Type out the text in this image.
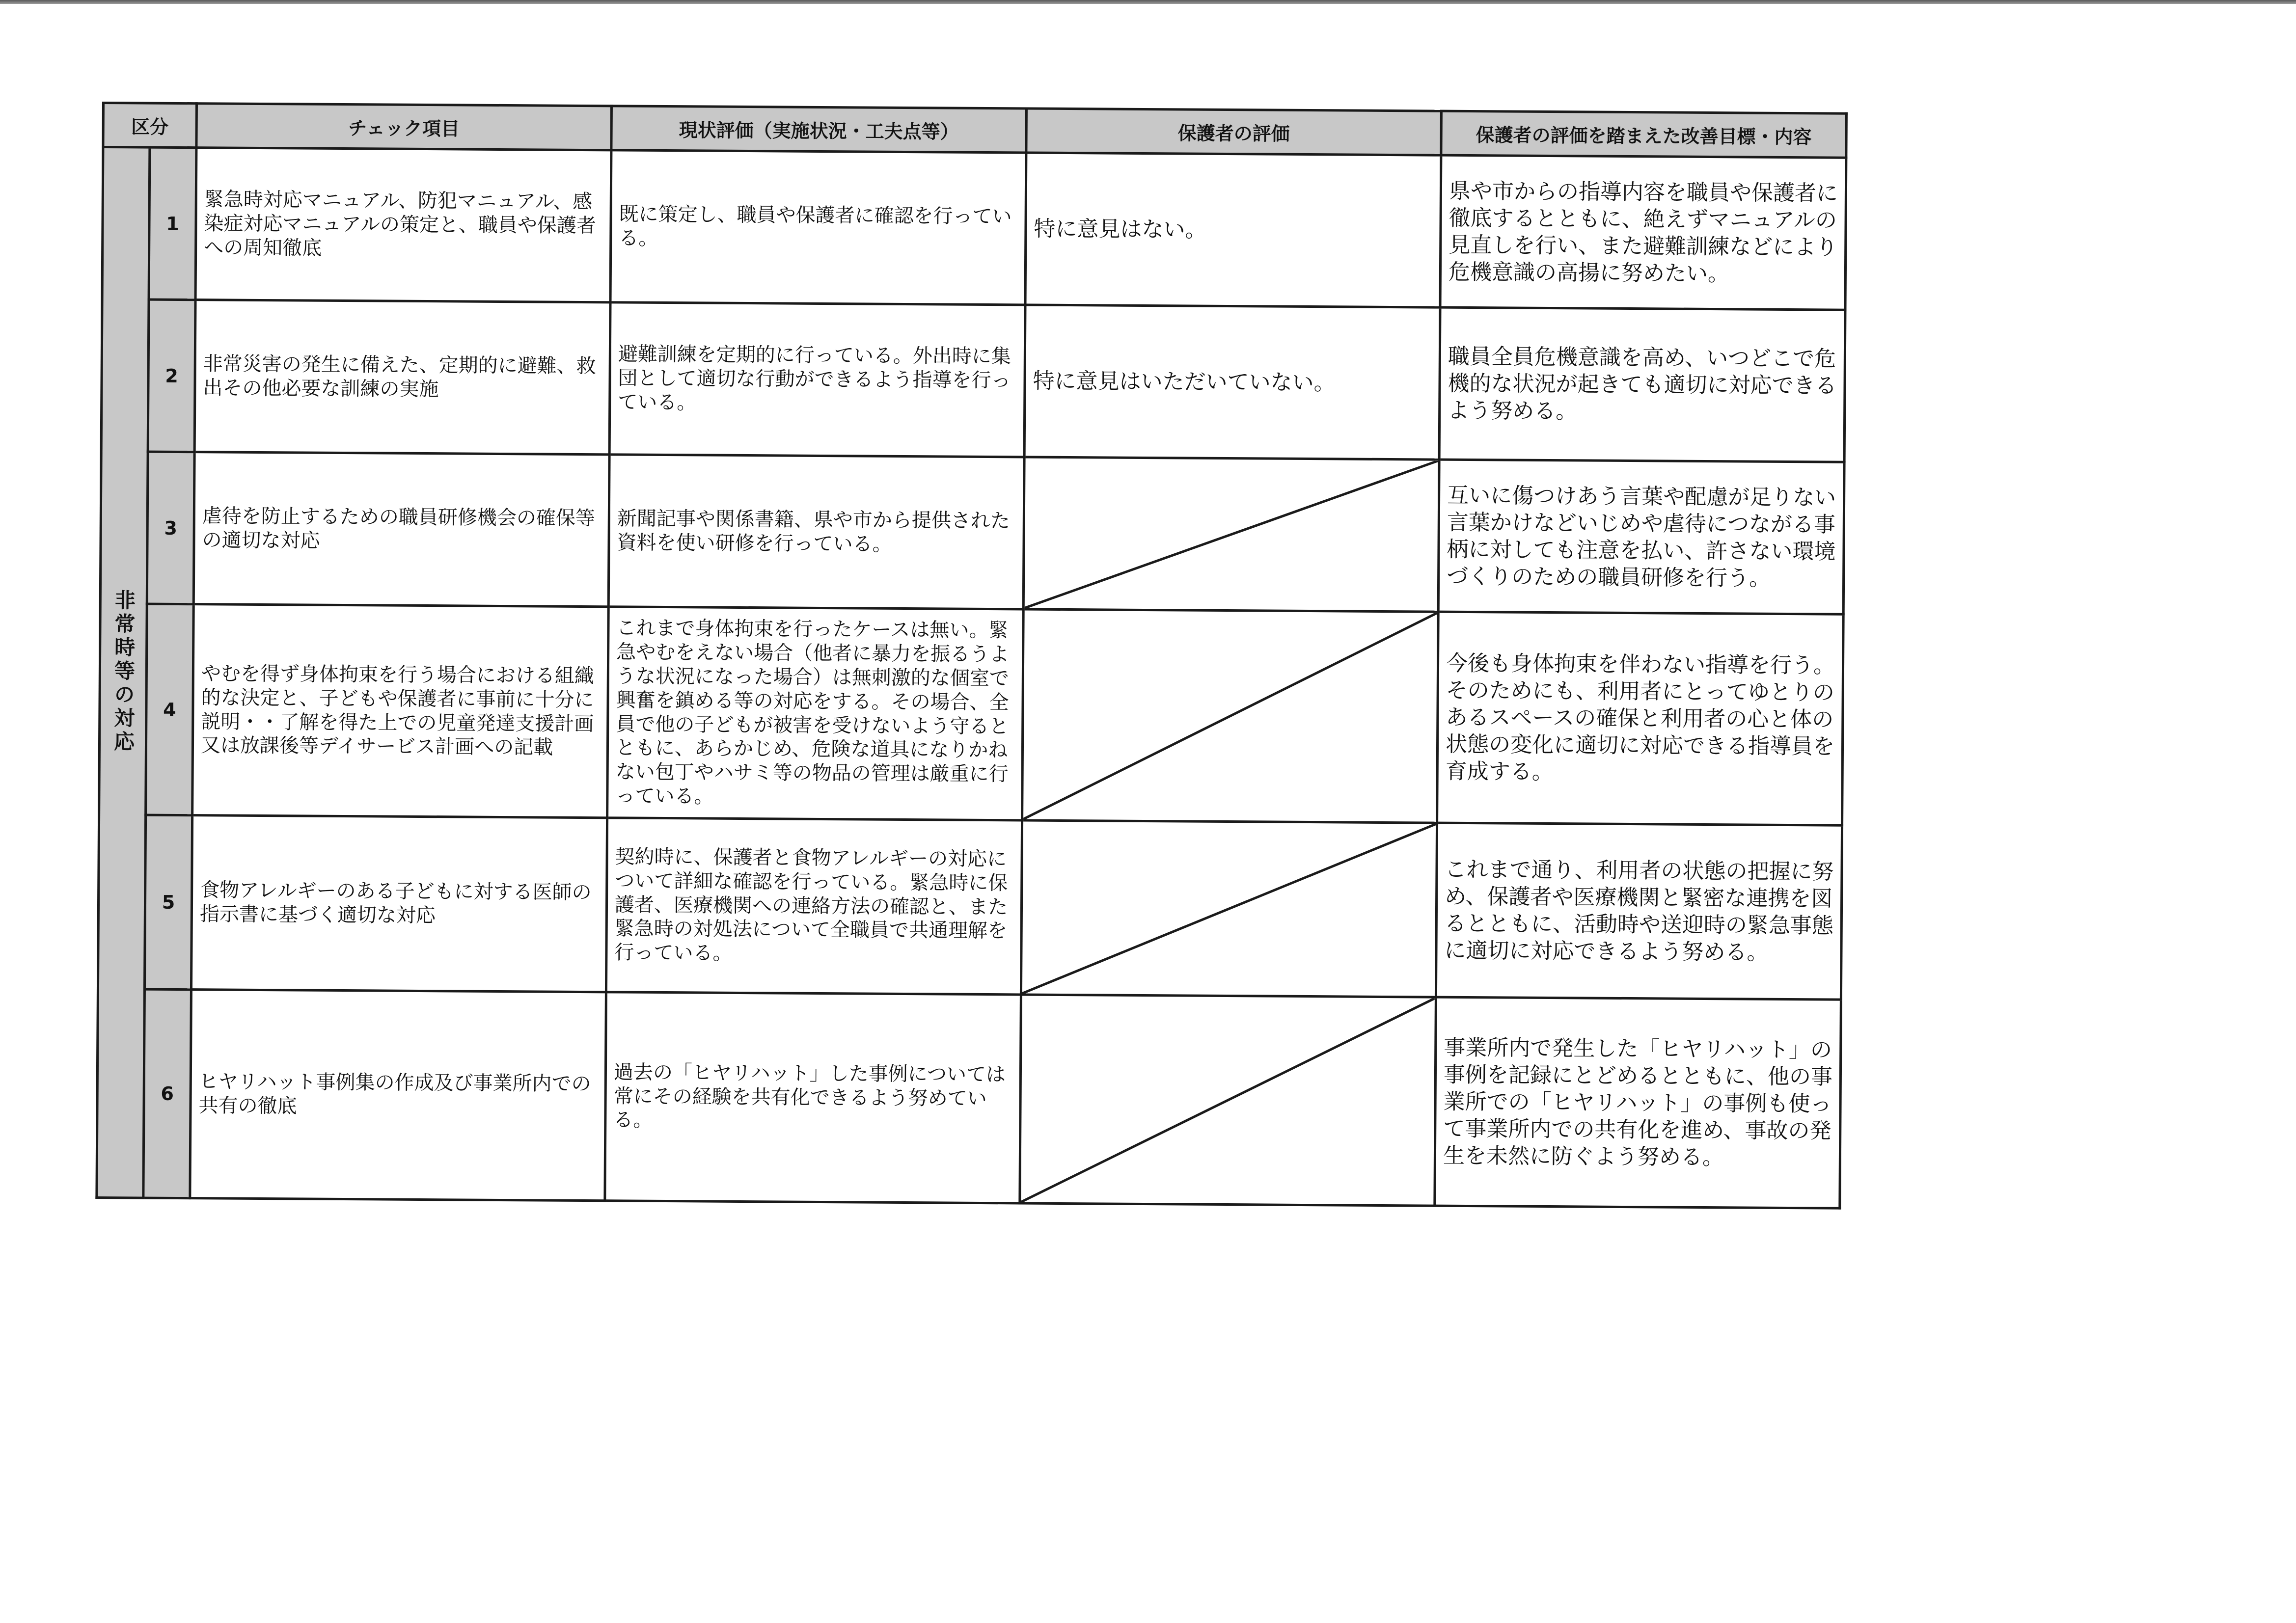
区分		チェック項目	現状評価（実施状況・工夫点等）	保護者の評価	保護者の評価を踏まえた改善目標・内容
非常時等の対応	1	緊急時対応マニュアル、防犯マニュアル、感染症対応マニュアルの策定と、職員や保護者への周知徹底	既に策定し、職員や保護者に確認を行っている。	特に意見はない。	県や市からの指導内容を職員や保護者に徹底するとともに、絶えずマニュアルの見直しを行い、また避難訓練などにより危機意識の高揚に努めたい。
	2	非常災害の発生に備えた、定期的に避難、救出その他必要な訓練の実施	避難訓練を定期的に行っている。外出時に集団として適切な行動ができるよう指導を行っている。	特に意見はいただいていない。	職員全員危機意識を高め、いつどこで危機的な状況が起きても適切に対応できるよう努める。
	3	虐待を防止するための職員研修機会の確保等の適切な対応	新聞記事や関係書籍、県や市から提供された資料を使い研修を行っている。		互いに傷つけあう言葉や配慮が足りない言葉かけなどいじめや虐待につながる事柄に対しても注意を払い、許さない環境づくりのための職員研修を行う。
	4	やむを得ず身体拘束を行う場合における組織的な決定と、子どもや保護者に事前に十分に説明・・了解を得た上での児童発達支援計画又は放課後等デイサービス計画への記載	これまで身体拘束を行ったケースは無い。緊急やむをえない場合（他者に暴力を振るうような状況になった場合）は無刺激的な個室で興奮を鎮める等の対応をする。その場合、全員で他の子どもが被害を受けないよう守るとともに、あらかじめ、危険な道具になりかねない包丁やハサミ等の物品の管理は厳重に行っている。		今後も身体拘束を伴わない指導を行う。そのためにも、利用者にとってゆとりのあるスペースの確保と利用者の心と体の状態の変化に適切に対応できる指導員を育成する。
	5	食物アレルギーのある子どもに対する医師の指示書に基づく適切な対応	契約時に、保護者と食物アレルギーの対応について詳細な確認を行っている。緊急時に保護者、医療機関への連絡方法の確認と、また緊急時の対処法について全職員で共通理解を行っている。		これまで通り、利用者の状態の把握に努め、保護者や医療機関と緊密な連携を図るとともに、活動時や送迎時の緊急事態に適切に対応できるよう努める。
	6	ヒヤリハット事例集の作成及び事業所内での共有の徹底	過去の「ヒヤリハット」した事例については常にその経験を共有化できるよう努めている。		事業所内で発生した「ヒヤリハット」の事例を記録にとどめるとともに、他の事業所での「ヒヤリハット」の事例も使って事業所内での共有化を進め、事故の発生を未然に防ぐよう努める。
